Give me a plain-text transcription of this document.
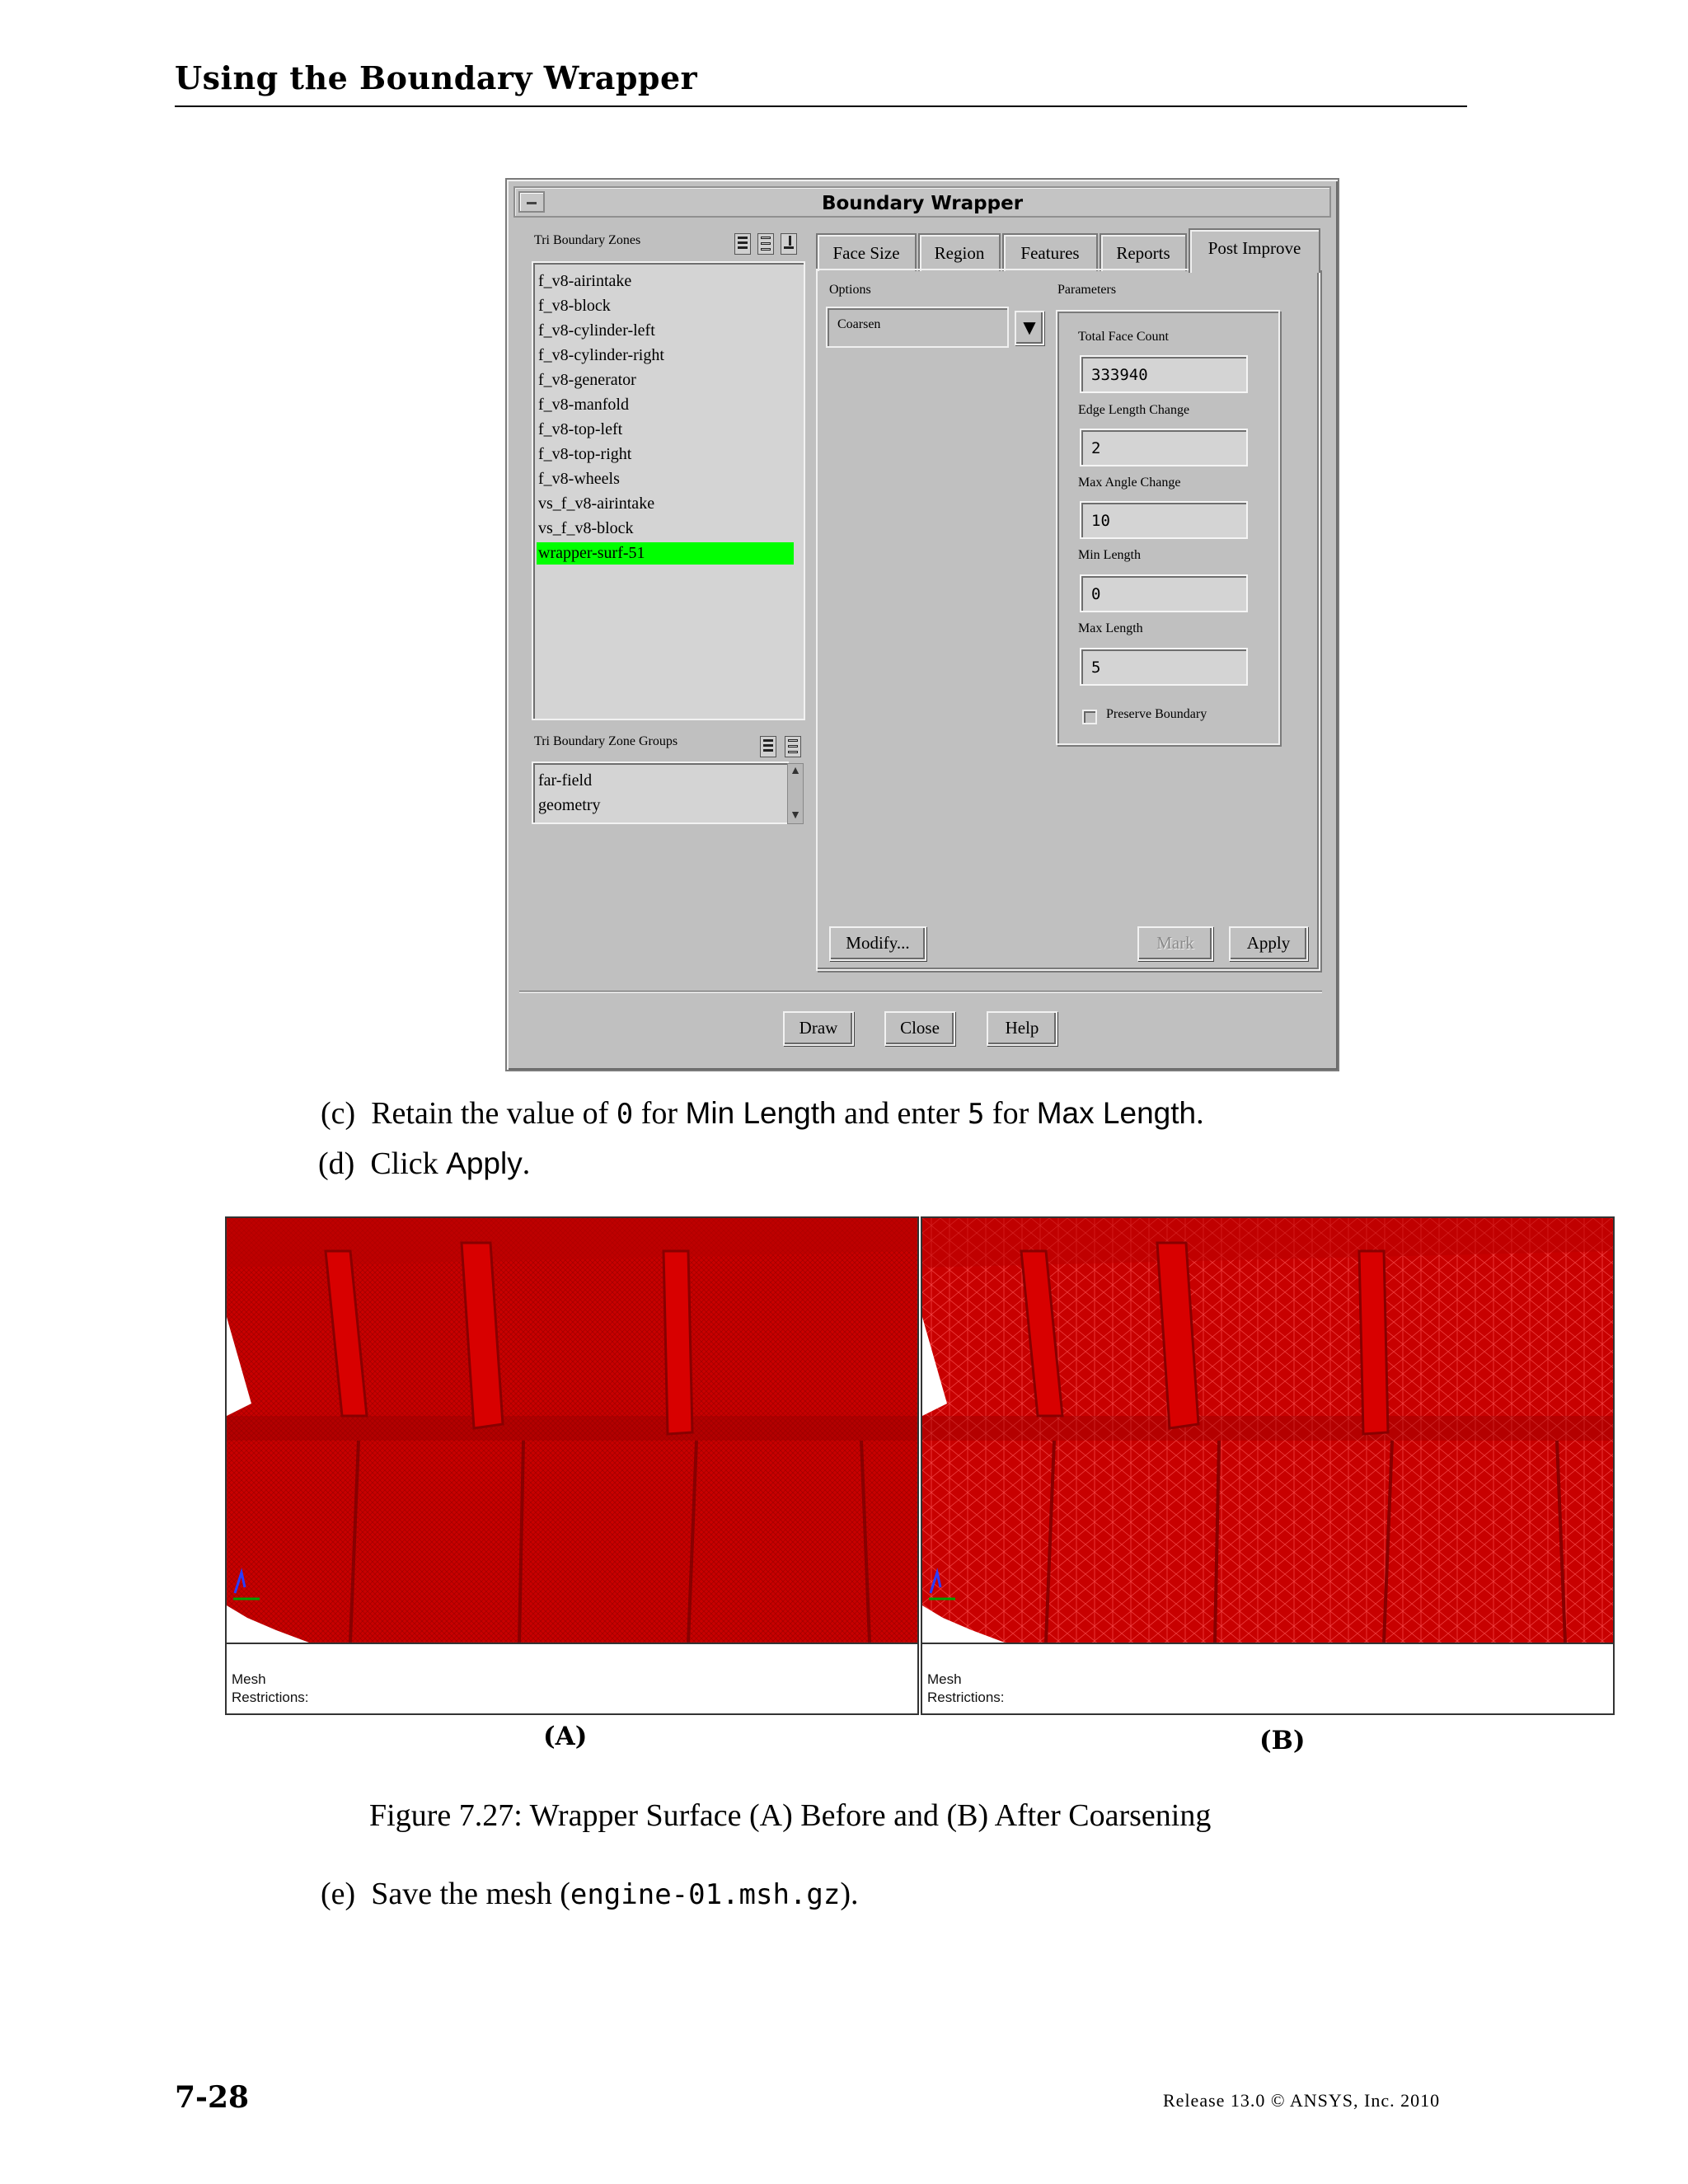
Using the Boundary Wrapper
Boundary Wrapper
Tri Boundary Zones
f_v8-airintake
f_v8-block
f_v8-cylinder-left
f_v8-cylinder-right
f_v8-generator
f_v8-manfold
f_v8-top-left
f_v8-top-right
f_v8-wheels
vs_f_v8-airintake
vs_f_v8-block
wrapper-surf-51
Tri Boundary Zone Groups
far-field
geometry
▲
▼
Face Size	Region	Features	Reports	Post Improve
Options
Coarsen	▼
Parameters
Total Face Count
333940
Edge Length Change
2
Max Angle Change
10
Min Length
0
Max Length
5
Preserve Boundary
Modify...	Mark	Apply
Draw	Close	Help
(c) Retain the value of 0 for Min Length and enter 5 for Max Length.
(d) Click Apply.
Mesh
Restrictions:
Mesh
Restrictions:
(A)	(B)
Figure 7.27: Wrapper Surface (A) Before and (B) After Coarsening
(e) Save the mesh (engine-01.msh.gz).
7-28	Release 13.0 © ANSYS, Inc. 2010
